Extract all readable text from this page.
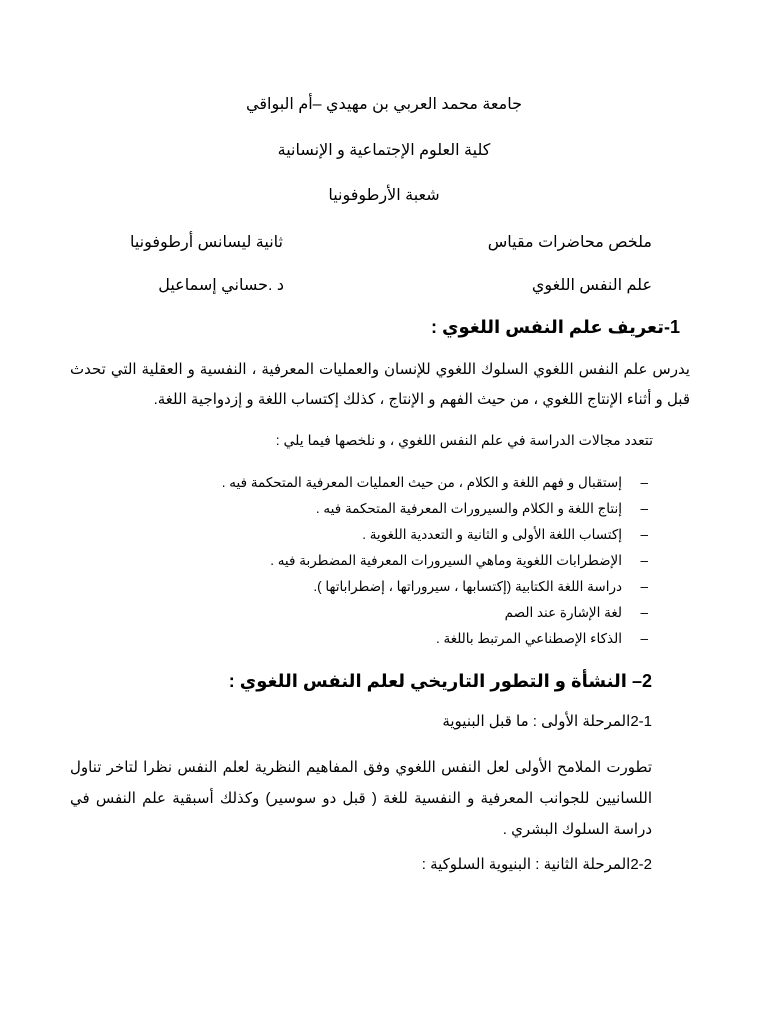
جامعة محمد العربي بن مهيدي –أم البواقي
كلية العلوم الإجتماعية و الإنسانية
شعبة الأرطوفونيا
ملخص محاضرات مقياس
ثانية ليسانس أرطوفونيا
علم النفس اللغوي
د .حساني إسماعيل
1-تعريف علم النفس اللغوي :
يدرس علم النفس اللغوي السلوك اللغوي للإنسان والعمليات المعرفية ، النفسية و العقلية التي تحدث قبل و أثناء الإنتاج اللغوي ، من حيث الفهم و الإنتاج ، كذلك إكتساب اللغة و إزدواجية اللغة.
تتعدد مجالات الدراسة في علم النفس اللغوي ، و نلخصها فيما يلي :
–
إستقبال و فهم اللغة و الكلام ، من حيث العمليات المعرفية المتحكمة فيه .
–
إنتاج اللغة و الكلام والسيرورات المعرفية المتحكمة فيه .
–
إكتساب اللغة الأولى و الثانية و التعددية اللغوية .
–
الإضطرابات اللغوية وماهي السيرورات المعرفية المضطربة فيه .
–
دراسة اللغة الكتابية (إكتسابها ، سيروراتها ، إضطراباتها ).
–
لغة الإشارة عند الصم
–
الذكاء الإصطناعي المرتبط باللغة .
2– النشأة و التطور التاريخي لعلم النفس اللغوي :
2-1المرحلة الأولى : ما قبل البنيوية
تطورت الملامح الأولى لعل النفس اللغوي وفق المفاهيم النظرية لعلم النفس نظرا لتاخر تناول اللسانيين للجوانب المعرفية و النفسية للغة ( قبل دو سوسير) وكذلك أسبقية علم النفس في دراسة السلوك البشري .
2-2المرحلة الثانية : البنيوية السلوكية :
